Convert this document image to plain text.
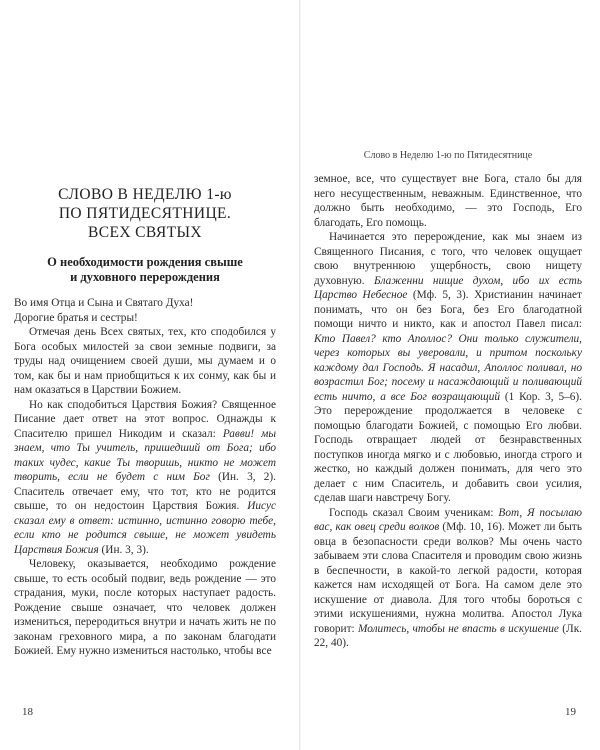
СЛОВО В НЕДЕЛЮ 1-ю
ПО ПЯТИДЕСЯТНИЦЕ.
ВСЕХ СВЯТЫХ
О необходимости рождения свыше
и духовного перерождения

Во имя Отца и Сына и Святаго Духа!

Дорогие братья и сестры!

Отмечая день Всех святых, тех, кто сподобился у Бога особых милостей за свои земные подвиги, за труды над очищением своей души, мы думаем и о том, как бы и нам приобщиться к их сонму, как бы и нам оказаться в Царствии Божием.

Но как сподобиться Царствия Божия? Священное Писание дает ответ на этот вопрос. Однажды к Спасителю пришел Никодим и сказал: Равви! мы знаем, что Ты учитель, пришедший от Бога; ибо таких чудес, какие Ты творишь, никто не может творить, если не будет с ним Бог (Ин. 3, 2). Спаситель отвечает ему, что тот, кто не родится свыше, то он недостоин Царствия Божия. Иисус сказал ему в ответ: истинно, истинно говорю тебе, если кто не родится свыше, не может увидеть Царствия Божия (Ин. 3, 3).

Человеку, оказывается, необходимо рождение свыше, то есть особый подвиг, ведь рождение — это страдания, муки, после которых наступает радость. Рождение свыше означает, что человек должен измениться, переродиться внутри и начать жить не по законам греховного мира, а по законам благодати Божией. Ему нужно измениться настолько, чтобы все

18
Слово в Неделю 1-ю по Пятидесятнице

земное, все, что существует вне Бога, стало бы для него несущественным, неважным. Единственное, что должно быть необходимо, — это Господь, Его благодать, Его помощь.

Начинается это перерождение, как мы знаем из Священного Писания, с того, что человек ощущает свою внутреннюю ущербность, свою нищету духовную. Блаженни нищие духом, ибо их есть Царство Небесное (Мф. 5, 3). Христианин начинает понимать, что он без Бога, без Его благодатной помощи ничто и никто, как и апостол Павел писал: Кто Павел? кто Аполлос? Они только служители, через которых вы уверовали, и притом поскольку каждому дал Господь. Я насадил, Аполлос поливал, но возрастил Бог; посему и насаждающий и поливающий есть ничто, а все Бог возращающий (1 Кор. 3, 5–6). Это перерождение продолжается в человеке с помощью благодати Божией, с помощью Его любви. Господь отвращает людей от безнравственных поступков иногда мягко и с любовью, иногда строго и жестко, но каждый должен понимать, для чего это делает с ним Спаситель, и добавить свои усилия, сделав шаги навстречу Богу.

Господь сказал Своим ученикам: Вот, Я посылаю вас, как овец среди волков (Мф. 10, 16). Может ли быть овца в безопасности среди волков? Мы очень часто забываем эти слова Спасителя и проводим свою жизнь в беспечности, в какой-то легкой радости, которая кажется нам исходящей от Бога. На самом деле это искушение от диавола. Для того чтобы бороться с этими искушениями, нужна молитва. Апостол Лука говорит: Молитесь, чтобы не впасть в искушение (Лк. 22, 40).

19
